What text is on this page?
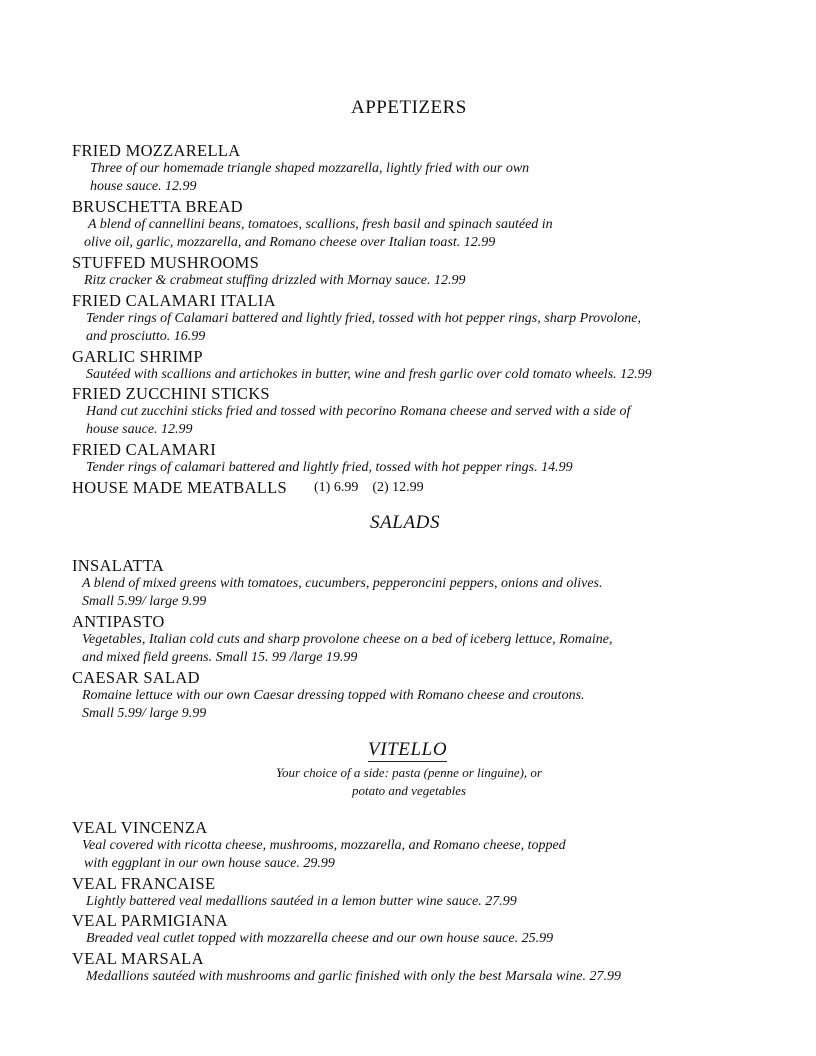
APPETIZERS
FRIED MOZZARELLA
Three of our homemade triangle shaped mozzarella, lightly fried with our own
house sauce. 12.99
BRUSCHETTA BREAD
A blend of cannellini beans, tomatoes, scallions, fresh basil and spinach sautéed in
olive oil, garlic, mozzarella, and Romano cheese over Italian toast. 12.99
STUFFED MUSHROOMS
Ritz cracker & crabmeat stuffing drizzled with Mornay sauce. 12.99
FRIED CALAMARI ITALIA
Tender rings of Calamari battered and lightly fried, tossed with hot pepper rings, sharp Provolone,
and prosciutto. 16.99
GARLIC SHRIMP
Sautéed with scallions and artichokes in butter, wine and fresh garlic over cold tomato wheels. 12.99
FRIED ZUCCHINI STICKS
Hand cut zucchini sticks fried and tossed with pecorino Romana cheese and served with a side of
house sauce. 12.99
FRIED CALAMARI
Tender rings of calamari battered and lightly fried, tossed with hot pepper rings. 14.99
HOUSE MADE MEATBALLS (1) 6.99    (2) 12.99
SALADS
INSALATTA
A blend of mixed greens with tomatoes, cucumbers, pepperoncini peppers, onions and olives.
Small 5.99/ large 9.99
ANTIPASTO
Vegetables, Italian cold cuts and sharp provolone cheese on a bed of iceberg lettuce, Romaine,
and mixed field greens. Small 15. 99 /large 19.99
CAESAR SALAD
Romaine lettuce with our own Caesar dressing topped with Romano cheese and croutons.
Small 5.99/ large 9.99
VITELLO
Your choice of a side: pasta (penne or linguine), or
potato and vegetables
VEAL VINCENZA
Veal covered with ricotta cheese, mushrooms, mozzarella, and Romano cheese, topped
with eggplant in our own house sauce. 29.99
VEAL FRANCAISE
Lightly battered veal medallions sautéed in a lemon butter wine sauce. 27.99
VEAL PARMIGIANA
Breaded veal cutlet topped with mozzarella cheese and our own house sauce. 25.99
VEAL MARSALA
Medallions sautéed with mushrooms and garlic finished with only the best Marsala wine. 27.99
